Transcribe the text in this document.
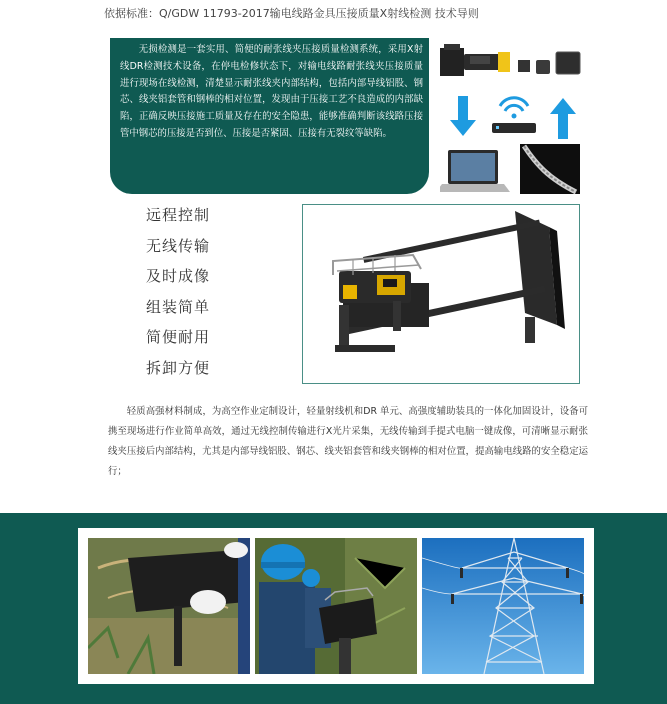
依据标准：Q/GDW 11793-2017输电线路金具压接质量X射线检测 技术导则

无损检测是一套实用、简便的耐张线夹压接质量检测系统，采用X射线DR检测技术设备，在停电检修状态下，对输电线路耐张线夹压接质量进行现场在线检测，清楚显示耐张线夹内部结构，包括内部导线铝股、钢芯、线夹铝套管和钢棒的相对位置，发现由于压接工艺不良造成的内部缺陷，正确反映压接施工质量及存在的安全隐患，能够准确判断该线路压接管中钢芯的压接是否到位、压接是否紧固、压接有无裂纹等缺陷。

远程控制
无线传输
及时成像
组装简单
简便耐用
拆卸方便
轻质高强材料制成，为高空作业定制设计，轻量射线机和DR 单元、高强度辅助装具的一体化加固设计，设备可携至现场进行作业简单高效，通过无线控制传输进行X光片采集，无线传输到手提式电脑一键成像，可清晰显示耐张线夹压接后内部结构，尤其是内部导线铝股、钢芯、线夹铝套管和线夹钢棒的相对位置，提高输电线路的安全稳定运行；
